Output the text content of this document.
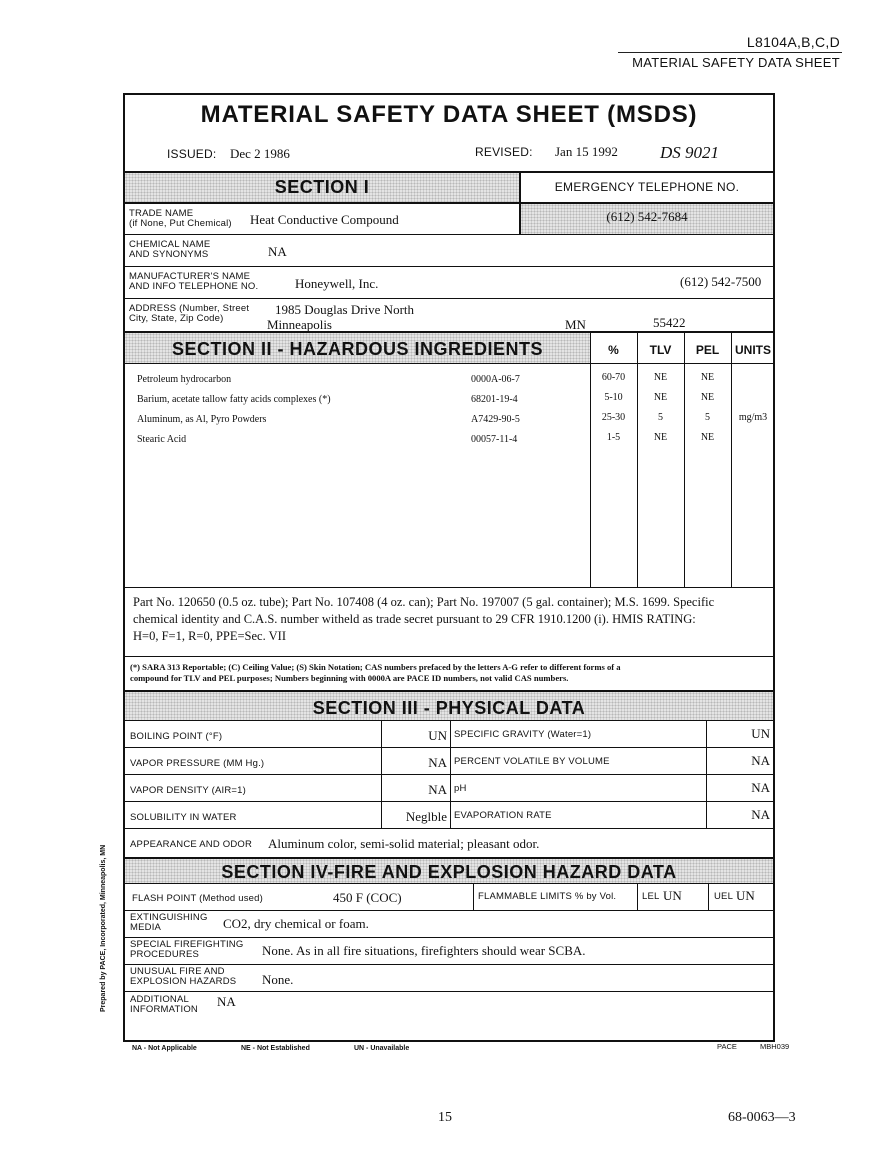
L8104A,B,C,D
MATERIAL SAFETY DATA SHEET
Prepared by PACE, Incorporated, Minneapolis, MN
MATERIAL SAFETY DATA SHEET (MSDS)
ISSUED: Dec 2 1986	REVISED: Jan 15 1992 DS 9021
SECTION I	EMERGENCY TELEPHONE NO.
TRADE NAME
(if None, Put Chemical) Heat Conductive Compound	(612) 542-7684
CHEMICAL NAME
AND SYNONYMS	NA
MANUFACTURER'S NAME
AND INFO TELEPHONE NO.	Honeywell, Inc.	(612) 542-7500
ADDRESS (Number, Street
City, State, Zip Code)
1985 Douglas Drive North
Minneapolis	MN	55422
SECTION II - HAZARDOUS INGREDIENTS	%	TLV	PEL	UNITS
Petroleum hydrocarbon	0000A-06-7	60-70	NE	NE
Barium, acetate tallow fatty acids complexes (*)	68201-19-4	5-10	NE	NE
Aluminum, as Al, Pyro Powders	A7429-90-5	25-30	5	5	mg/m3
Stearic Acid	00057-11-4	1-5	NE	NE
Part No. 120650 (0.5 oz. tube); Part No. 107408 (4 oz. can); Part No. 197007 (5 gal. container); M.S. 1699. Specific
chemical identity and C.A.S. number witheld as trade secret pursuant to 29 CFR 1910.1200 (i). HMIS RATING:
H=0, F=1, R=0, PPE=Sec. VII
(*) SARA 313 Reportable; (C) Ceiling Value; (S) Skin Notation; CAS numbers prefaced by the letters A-G refer to different forms of a
compound for TLV and PEL purposes; Numbers beginning with 0000A are PACE ID numbers, not valid CAS numbers.
SECTION III - PHYSICAL DATA
BOILING POINT (°F)	UN SPECIFIC GRAVITY (Water=1)	UN
VAPOR PRESSURE (MM Hg.)	NA PERCENT VOLATILE BY VOLUME	NA
VAPOR DENSITY (AIR=1)	NA pH	NA
SOLUBILITY IN WATER	Neglble EVAPORATION RATE	NA
APPEARANCE AND ODOR Aluminum color, semi-solid material; pleasant odor.
SECTION IV-FIRE AND EXPLOSION HAZARD DATA
FLASH POINT (Method used)	450 F (COC)	FLAMMABLE LIMITS % by Vol.	LEL UN	UEL UN
EXTINGUISHING
MEDIA	CO2, dry chemical or foam.
SPECIAL FIREFIGHTING
PROCEDURES	None. As in all fire situations, firefighters should wear SCBA.
UNUSUAL FIRE AND
EXPLOSION HAZARDS None.
ADDITIONAL
INFORMATION
NA
NA - Not Applicable	NE - Not Established	UN - Unavailable	PACE	MBH039
15	68-0063—3
